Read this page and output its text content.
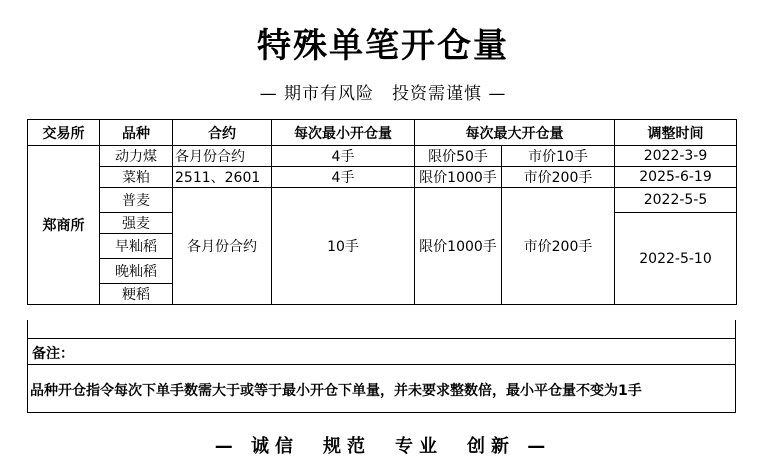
特殊单笔开仓量
— 期市有风险　投资需谨慎 —
交易所	品种	合约	每次最小开仓量	每次最大开仓量		调整时间
郑商所	动力煤	各月份合约	4手	限价50手	市价10手	2022-3-9
	菜粕	2511、2601	4手	限价1000手	市价200手	2025-6-19
	普麦	各月份合约	10手	限价1000手	市价200手	2022-5-5
	强麦					2022-5-10
	早籼稻					
	晚籼稻					
	粳稻					
备注：
品种开仓指令每次下单手数需大于或等于最小开仓下单量，并未要求整数倍，最小平仓量不变为1手
— 诚信　规范　专业　创新 —
